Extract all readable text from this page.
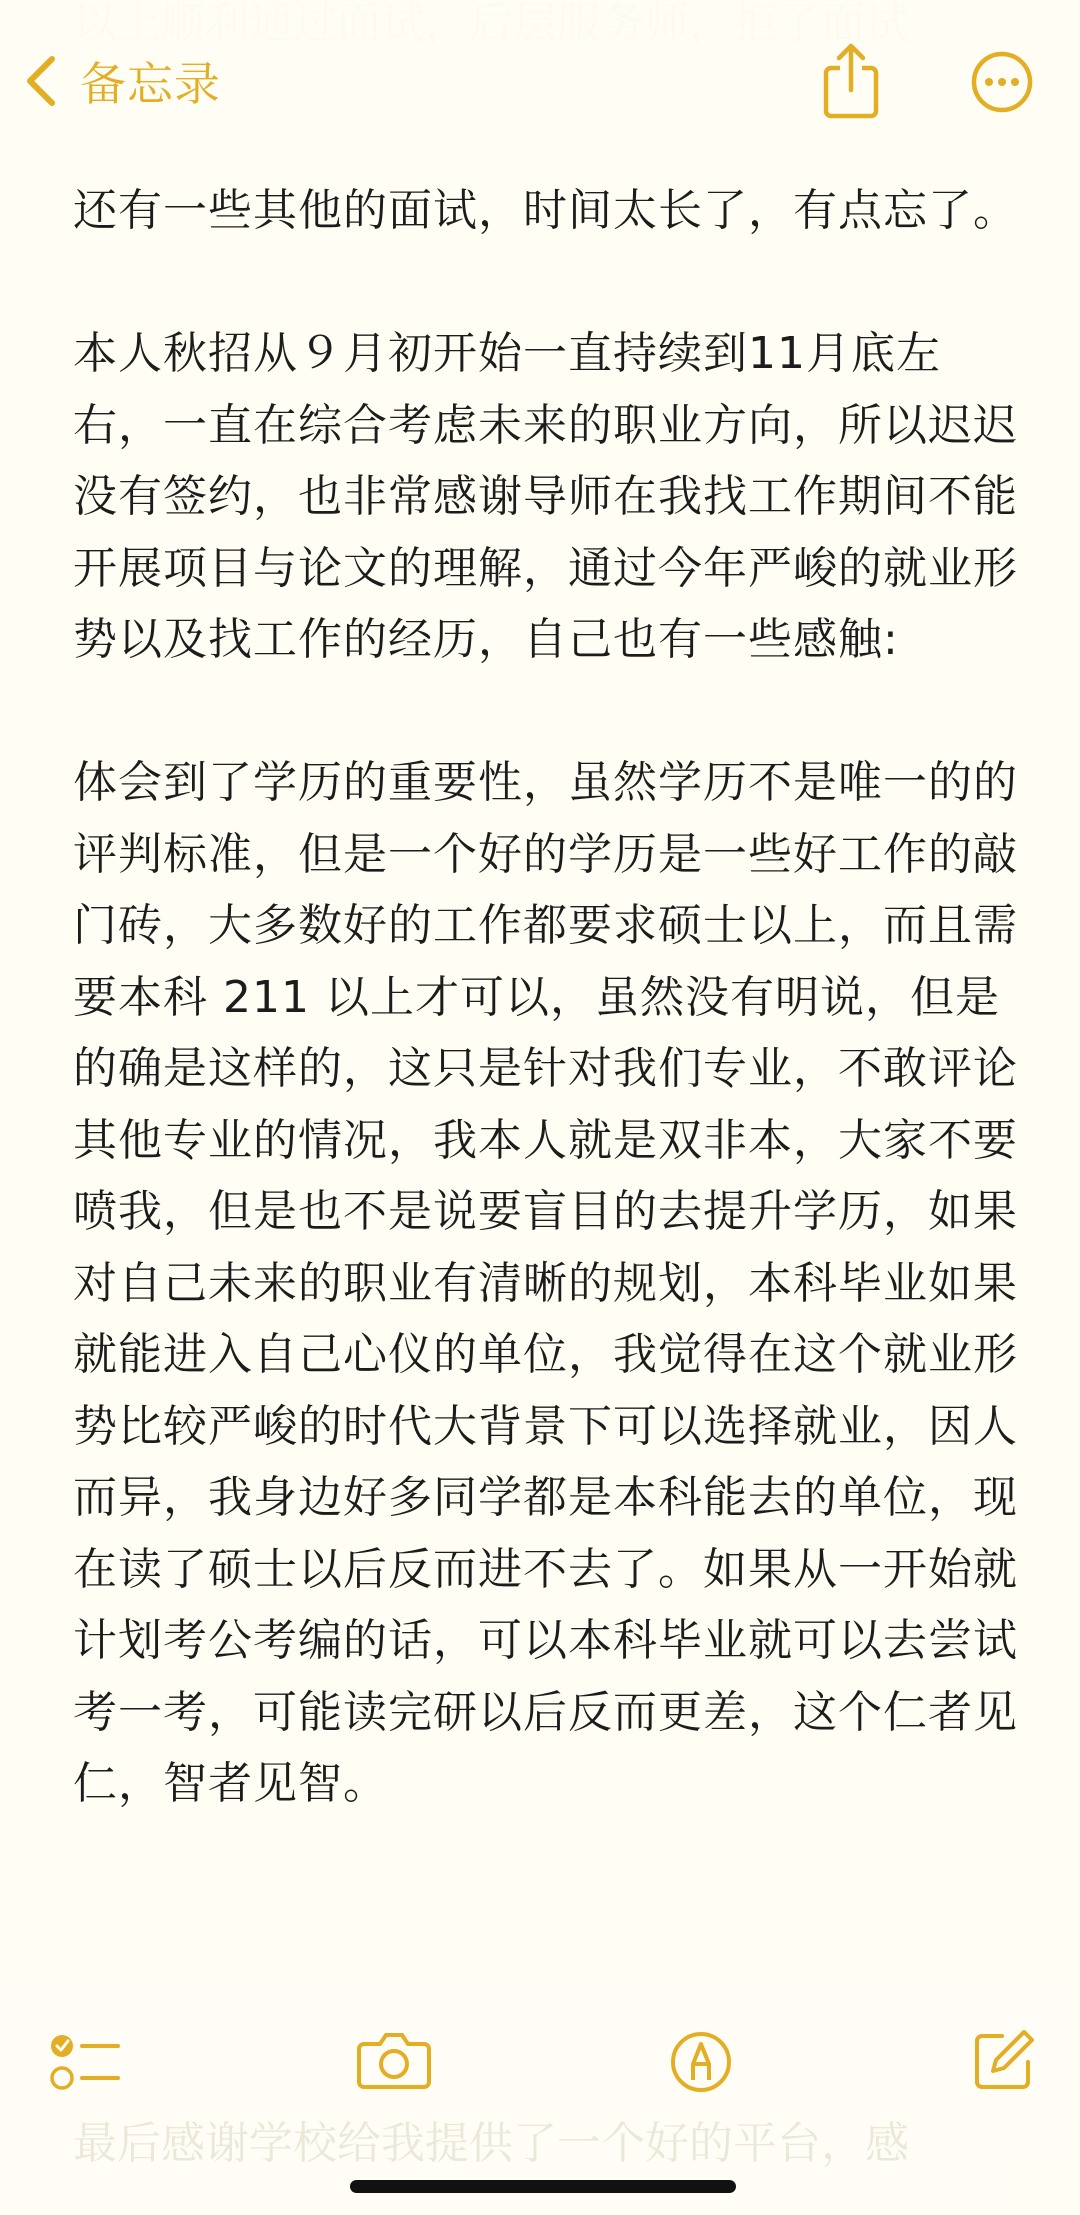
备忘录

还有一些其他的面试，时间太长了，有点忘了。

本人秋招从９月初开始一直持续到11月底左右，一直在综合考虑未来的职业方向，所以迟迟没有签约，也非常感谢导师在我找工作期间不能开展项目与论文的理解，通过今年严峻的就业形势以及找工作的经历，自己也有一些感触:

体会到了学历的重要性，虽然学历不是唯一的的评判标准，但是一个好的学历是一些好工作的敲门砖，大多数好的工作都要求硕士以上，而且需要本科 211 以上才可以，虽然没有明说，但是的确是这样的，这只是针对我们专业，不敢评论其他专业的情况，我本人就是双非本，大家不要喷我，但是也不是说要盲目的去提升学历，如果对自己未来的职业有清晰的规划，本科毕业如果就能进入自己心仪的单位，我觉得在这个就业形势比较严峻的时代大背景下可以选择就业，因人而异，我身边好多同学都是本科能去的单位，现在读了硕士以后反而进不去了。如果从一开始就计划考公考编的话，可以本科毕业就可以去尝试考一考，可能读完研以后反而更差，这个仁者见仁，智者见智。

最后感谢学校给我提供了一个好的平台，感
